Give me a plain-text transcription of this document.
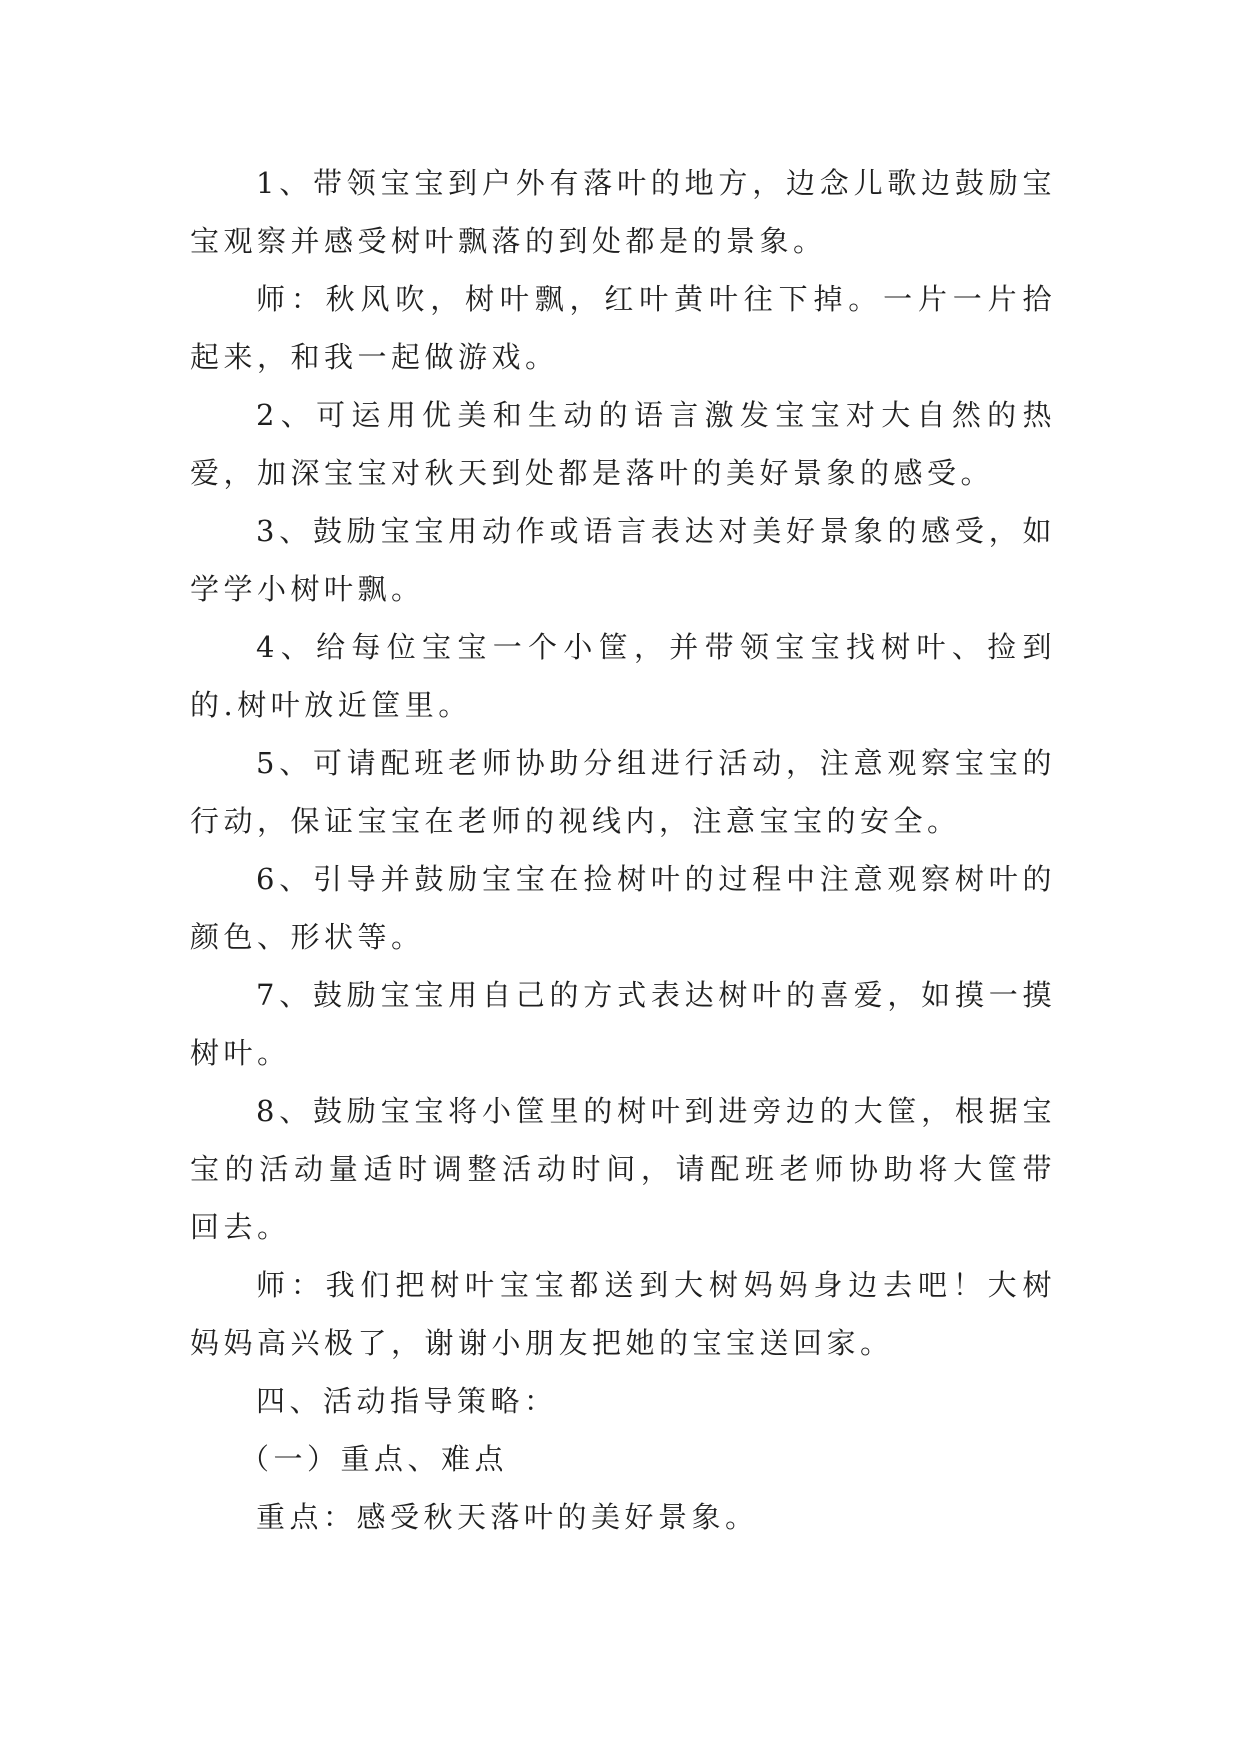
1、带领宝宝到户外有落叶的地方，边念儿歌边鼓励宝宝观察并感受树叶飘落的到处都是的景象。

师：秋风吹，树叶飘，红叶黄叶往下掉。一片一片拾起来，和我一起做游戏。

2、可运用优美和生动的语言激发宝宝对大自然的热爱，加深宝宝对秋天到处都是落叶的美好景象的感受。

3、鼓励宝宝用动作或语言表达对美好景象的感受，如学学小树叶飘。

4、给每位宝宝一个小筐，并带领宝宝找树叶、捡到的.树叶放近筐里。

5、可请配班老师协助分组进行活动，注意观察宝宝的行动，保证宝宝在老师的视线内，注意宝宝的安全。

6、引导并鼓励宝宝在捡树叶的过程中注意观察树叶的颜色、形状等。

7、鼓励宝宝用自己的方式表达树叶的喜爱，如摸一摸树叶。

8、鼓励宝宝将小筐里的树叶到进旁边的大筐，根据宝宝的活动量适时调整活动时间，请配班老师协助将大筐带回去。

师：我们把树叶宝宝都送到大树妈妈身边去吧！大树妈妈高兴极了，谢谢小朋友把她的宝宝送回家。

四、活动指导策略：

（一）重点、难点

重点：感受秋天落叶的美好景象。
